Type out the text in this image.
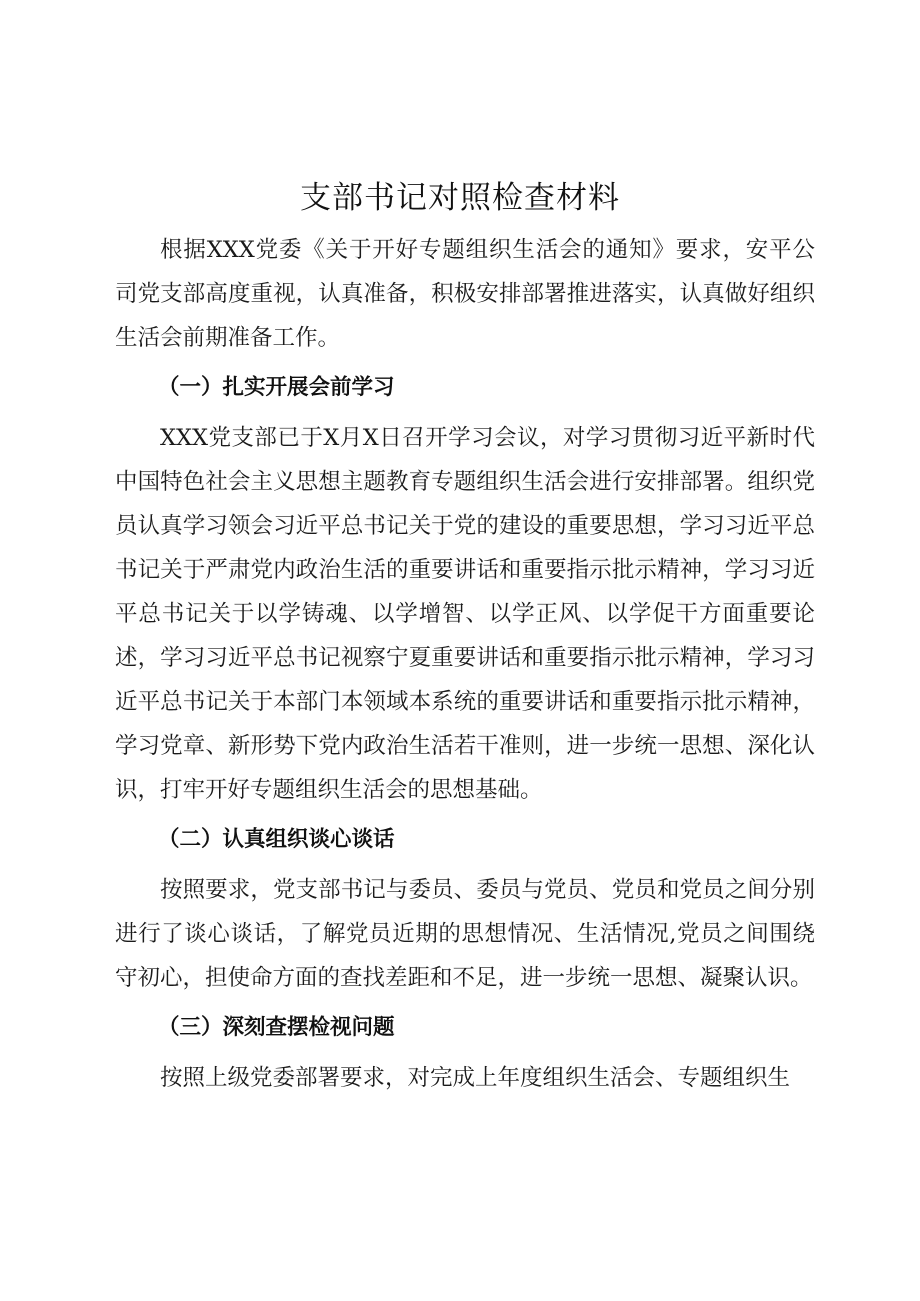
支部书记对照检查材料

根据XXX党委《关于开好专题组织生活会的通知》要求，安平公司党支部高度重视，认真准备，积极安排部署推进落实，认真做好组织生活会前期准备工作。

（一）扎实开展会前学习

XXX党支部已于X月X日召开学习会议，对学习贯彻习近平新时代中国特色社会主义思想主题教育专题组织生活会进行安排部署。组织党员认真学习领会习近平总书记关于党的建设的重要思想，学习习近平总书记关于严肃党内政治生活的重要讲话和重要指示批示精神，学习习近平总书记关于以学铸魂、以学增智、以学正风、以学促干方面重要论述，学习习近平总书记视察宁夏重要讲话和重要指示批示精神，学习习近平总书记关于本部门本领域本系统的重要讲话和重要指示批示精神，学习党章、新形势下党内政治生活若干准则，进一步统一思想、深化认识，打牢开好专题组织生活会的思想基础。

（二）认真组织谈心谈话

按照要求，党支部书记与委员、委员与党员、党员和党员之间分别进行了谈心谈话，了解党员近期的思想情况、生活情况,党员之间围绕守初心，担使命方面的查找差距和不足，进一步统一思想、凝聚认识。

（三）深刻查摆检视问题

按照上级党委部署要求，对完成上年度组织生活会、专题组织生
